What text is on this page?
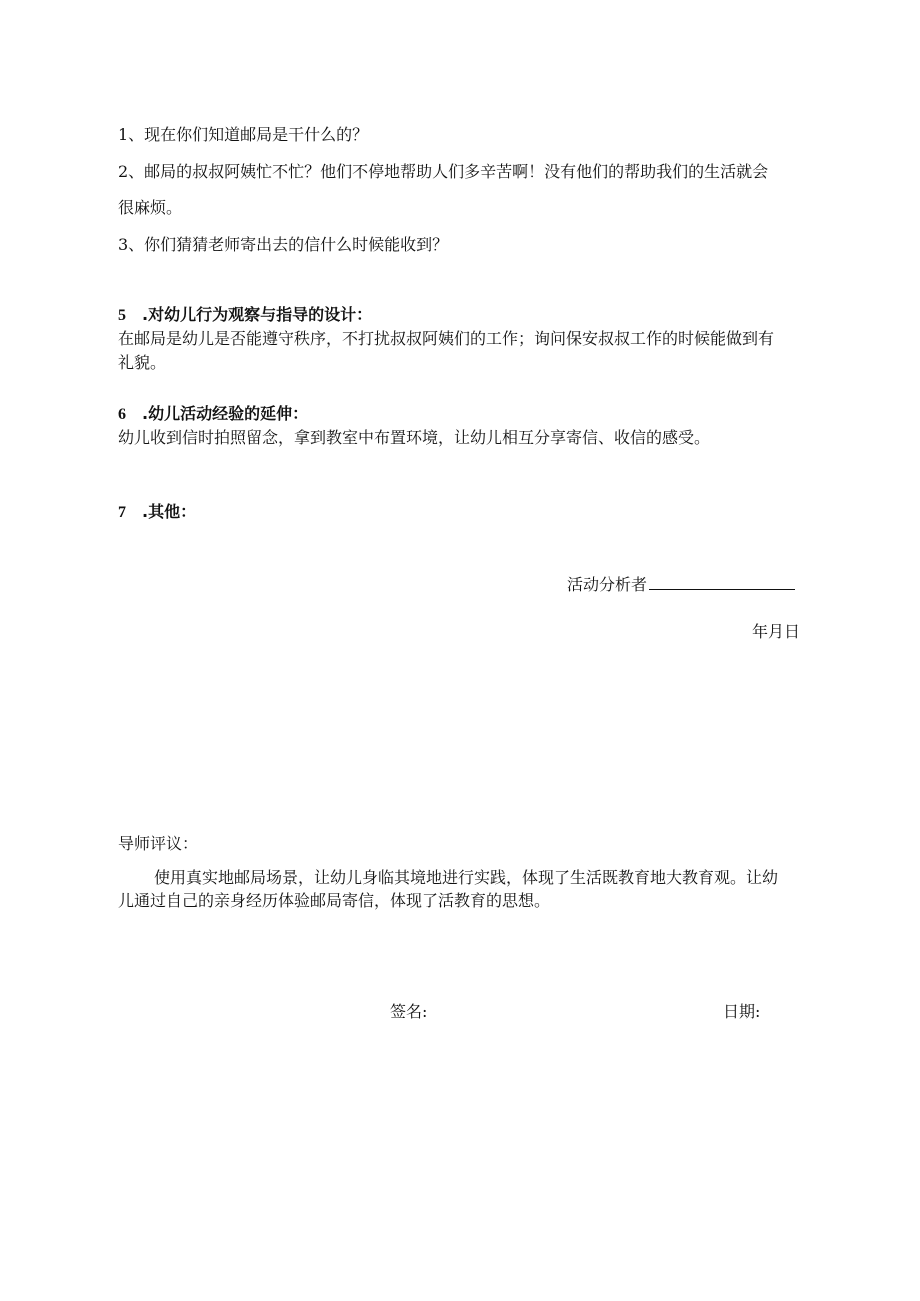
1、现在你们知道邮局是干什么的？
2、邮局的叔叔阿姨忙不忙？他们不停地帮助人们多辛苦啊！没有他们的帮助我们的生活就会
很麻烦。
3、你们猜猜老师寄出去的信什么时候能收到？
5 .对幼儿行为观察与指导的设计：
在邮局是幼儿是否能遵守秩序，不打扰叔叔阿姨们的工作；询问保安叔叔工作的时候能做到有
礼貌。
6 .幼儿活动经验的延伸：
幼儿收到信时拍照留念，拿到教室中布置环境，让幼儿相互分享寄信、收信的感受。
7 .其他：
活动分析者
年月日
导师评议：
使用真实地邮局场景，让幼儿身临其境地进行实践，体现了生活既教育地大教育观。让幼
儿通过自己的亲身经历体验邮局寄信，体现了活教育的思想。
签名:	日期:
